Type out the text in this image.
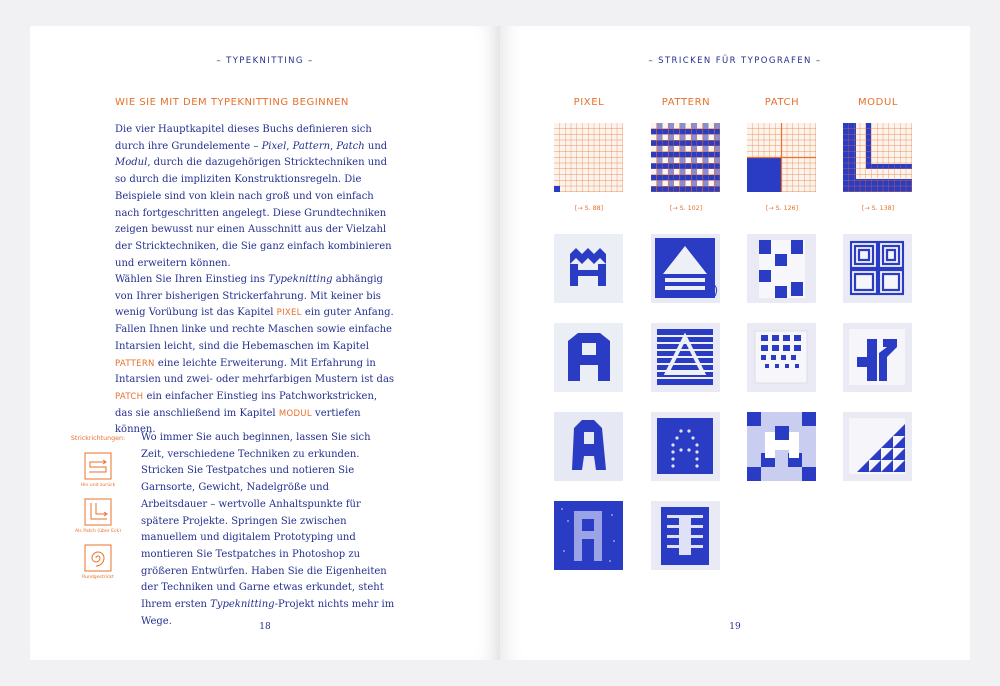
– TYPEKNITTING –
WIE SIE MIT DEM TYPEKNITTING BEGINNEN

Die vier Hauptkapitel dieses Buchs definieren sich durch ihre Grundelemente – Pixel, Pattern, Patch und Modul, durch die dazugehörigen Stricktechniken und so durch die impliziten Konstruktionsregeln. Die Beispiele sind von klein nach groß und von einfach nach fortgeschritten angelegt. Diese Grundtechniken zeigen bewusst nur einen Ausschnitt aus der Vielzahl der Stricktechniken, die Sie ganz einfach kombinieren und erweitern können.

Wählen Sie Ihren Einstieg ins Typeknitting abhängig von Ihrer bisherigen Strickerfahrung. Mit keiner bis wenig Vorübung ist das Kapitel PIXEL ein guter Anfang. Fallen Ihnen linke und rechte Maschen sowie einfache Intarsien leicht, sind die Hebemaschen im Kapitel PATTERN eine leichte Erweiterung. Mit Erfahrung in Intarsien und zwei- oder mehrfarbigen Mustern ist das PATCH ein einfacher Einstieg ins Patchworkstricken, das sie anschließend im Kapitel MODUL vertiefen können.

Wo immer Sie auch beginnen, lassen Sie sich Zeit, verschiedene Techniken zu erkunden. Stricken Sie Testpatches und notieren Sie Garnsorte, Gewicht, Nadelgröße und Arbeitsdauer – wertvolle Anhaltspunkte für spätere Projekte. Springen Sie zwischen manuellem und digitalem Prototyping und montieren Sie Testpatches in Photoshop zu größeren Entwürfen. Haben Sie die Eigenheiten der Techniken und Garne etwas erkundet, steht Ihrem ersten Typeknitting-Projekt nichts mehr im Wege.

Strickrichtungen:
Hin und zurück
Als Patch (über Eck)
Rundgestrickt
18
– STRICKEN FÜR TYPOGRAFEN –
PIXEL	PATTERN	PATCH	MODUL
[→ S. 88]	[→ S. 102]	[→ S. 126]	[→ S. 138]
19
